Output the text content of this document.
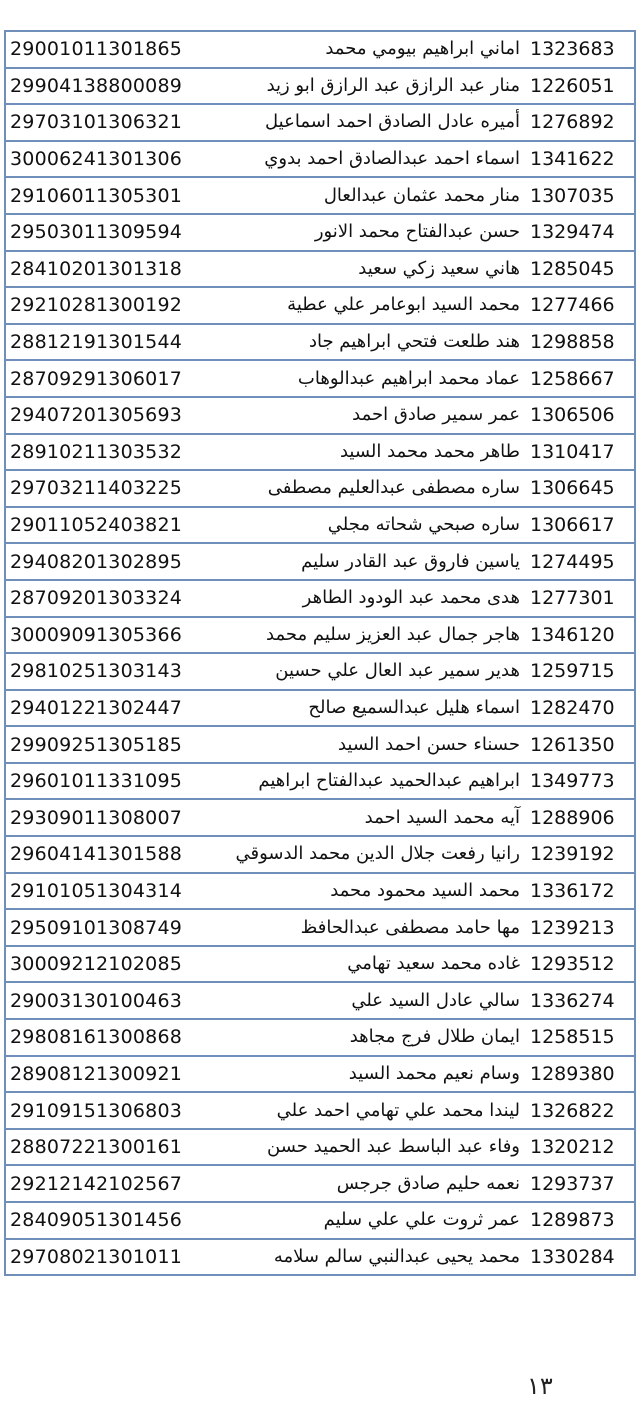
29001011301865	اماني ابراهيم بيومي محمد	1323683
29904138800089	منار عبد الرازق عبد الرازق ابو زيد	1226051
29703101306321	أميره عادل الصادق احمد اسماعيل	1276892
30006241301306	اسماء احمد عبدالصادق احمد بدوي	1341622
29106011305301	منار محمد عثمان عبدالعال	1307035
29503011309594	حسن عبدالفتاح محمد الانور	1329474
28410201301318	هاني سعيد زكي سعيد	1285045
29210281300192	محمد السيد ابوعامر علي عطية	1277466
28812191301544	هند طلعت فتحي ابراهيم جاد	1298858
28709291306017	عماد محمد ابراهيم عبدالوهاب	1258667
29407201305693	عمر سمير صادق احمد	1306506
28910211303532	طاهر محمد محمد السيد	1310417
29703211403225	ساره مصطفى عبدالعليم مصطفى	1306645
29011052403821	ساره صبحي شحاته مجلي	1306617
29408201302895	ياسين فاروق عبد القادر سليم	1274495
28709201303324	هدى محمد عبد الودود الطاهر	1277301
30009091305366	هاجر جمال عبد العزيز سليم محمد	1346120
29810251303143	هدير سمير عبد العال علي حسين	1259715
29401221302447	اسماء هليل عبدالسميع صالح	1282470
29909251305185	حسناء حسن احمد السيد	1261350
29601011331095	ابراهيم عبدالحميد عبدالفتاح ابراهيم	1349773
29309011308007	آيه محمد السيد احمد	1288906
29604141301588	رانيا رفعت جلال الدين محمد الدسوقي	1239192
29101051304314	محمد السيد محمود محمد	1336172
29509101308749	مها حامد مصطفى عبدالحافظ	1239213
30009212102085	غاده محمد سعيد تهامي	1293512
29003130100463	سالي عادل السيد علي	1336274
29808161300868	ايمان طلال فرج مجاهد	1258515
28908121300921	وسام نعيم محمد السيد	1289380
29109151306803	ليندا محمد علي تهامي احمد علي	1326822
28807221300161	وفاء عبد الباسط عبد الحميد حسن	1320212
29212142102567	نعمه حليم صادق جرجس	1293737
28409051301456	عمر ثروت علي علي سليم	1289873
29708021301011	محمد يحيى عبدالنبي سالم سلامه	1330284
١٣
